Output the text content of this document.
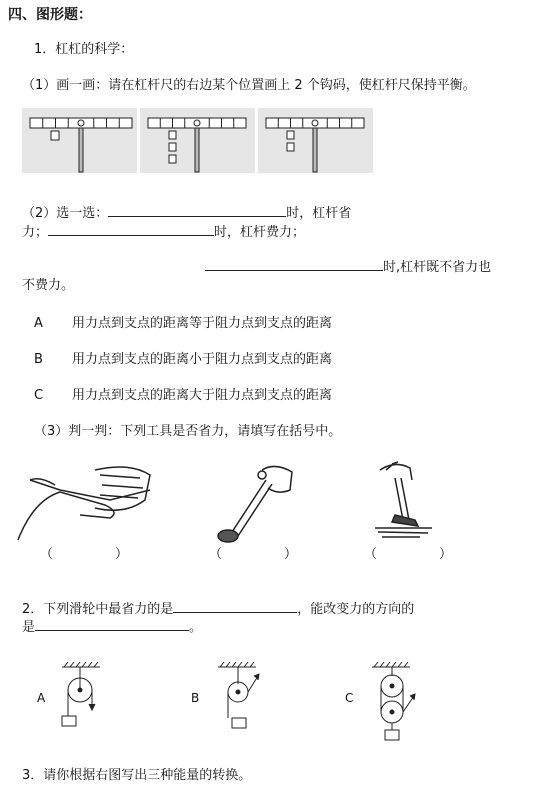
四、图形题：
1．杠杠的科学：
（1）画一画：请在杠杆尺的右边某个位置画上 2 个钩码，使杠杆尺保持平衡。
（2）选一选：	时，杠杆省
力；	时，杠杆费力；
时,杠杆既不省力也
不费力。
A 用力点到支点的距离等于阻力点到支点的距离
B 用力点到支点的距离小于阻力点到支点的距离
C 用力点到支点的距离大于阻力点到支点的距离
（3）判一判：下列工具是否省力，请填写在括号中。
（	）	（	）	（	）
2．下列滑轮中最省力的是	，能改变力的方向的
是	。
A	B	C
3．请你根据右图写出三种能量的转换。
